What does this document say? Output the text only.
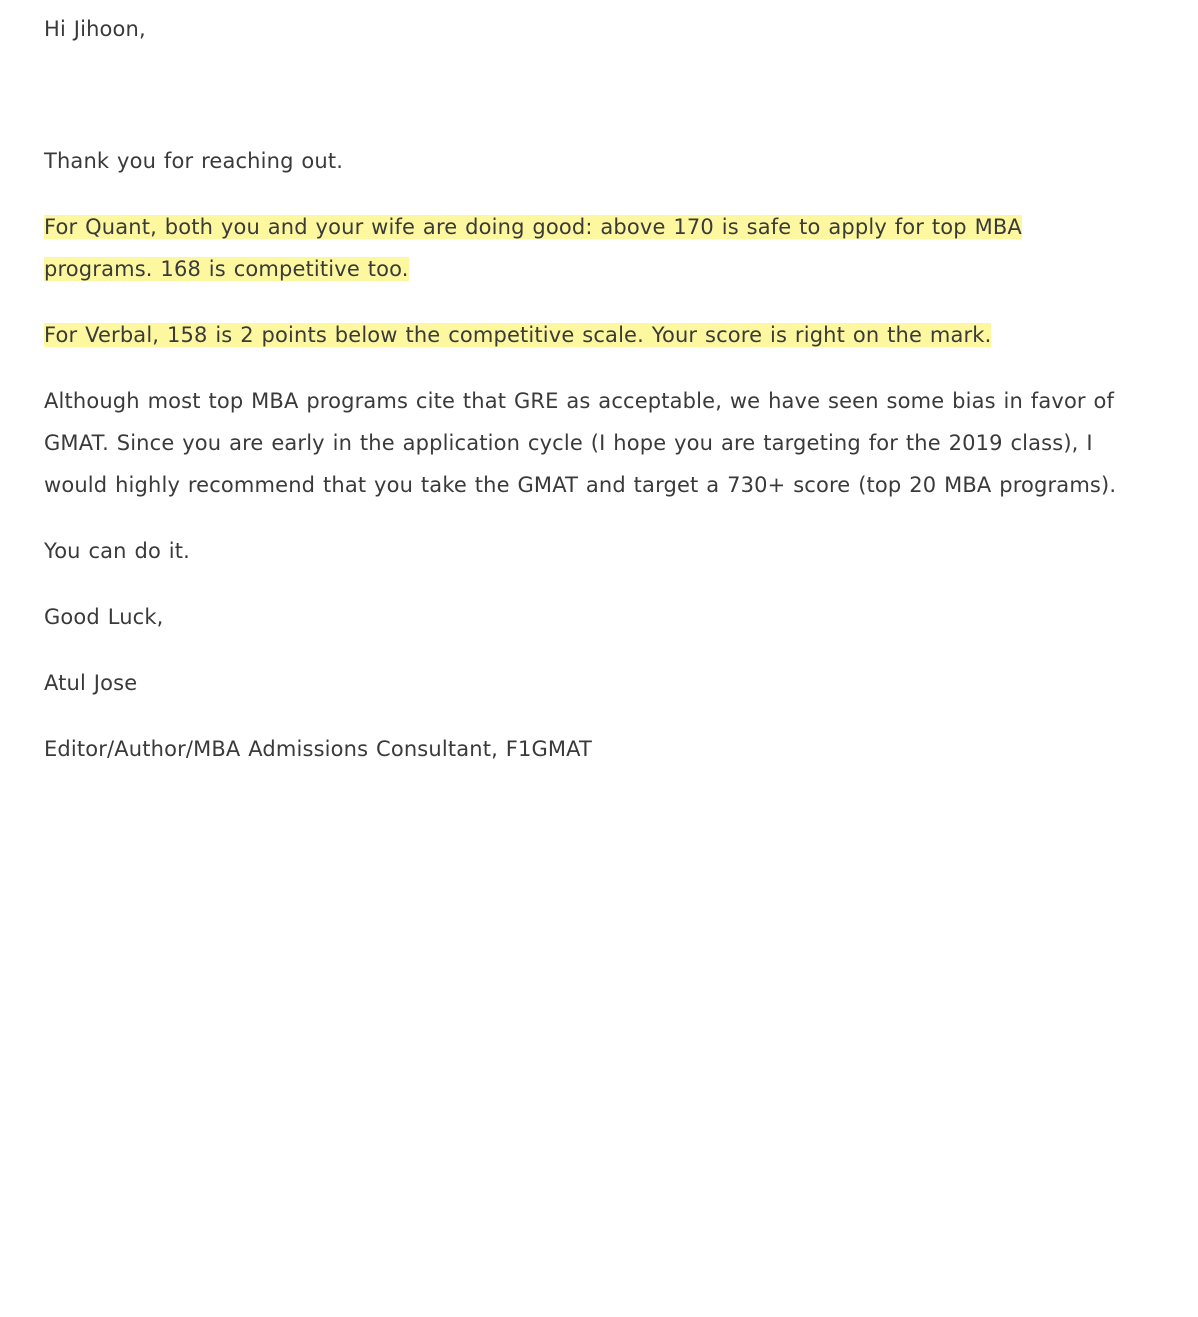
Hi Jihoon,

Thank you for reaching out.

For Quant, both you and your wife are doing good: above 170 is safe to apply for top MBA

programs. 168 is competitive too.

For Verbal, 158 is 2 points below the competitive scale. Your score is right on the mark.

Although most top MBA programs cite that GRE as acceptable, we have seen some bias in favor of

GMAT. Since you are early in the application cycle (I hope you are targeting for the 2019 class), I

would highly recommend that you take the GMAT and target a 730+ score (top 20 MBA programs).

You can do it.

Good Luck,

Atul Jose

Editor/Author/MBA Admissions Consultant, F1GMAT
